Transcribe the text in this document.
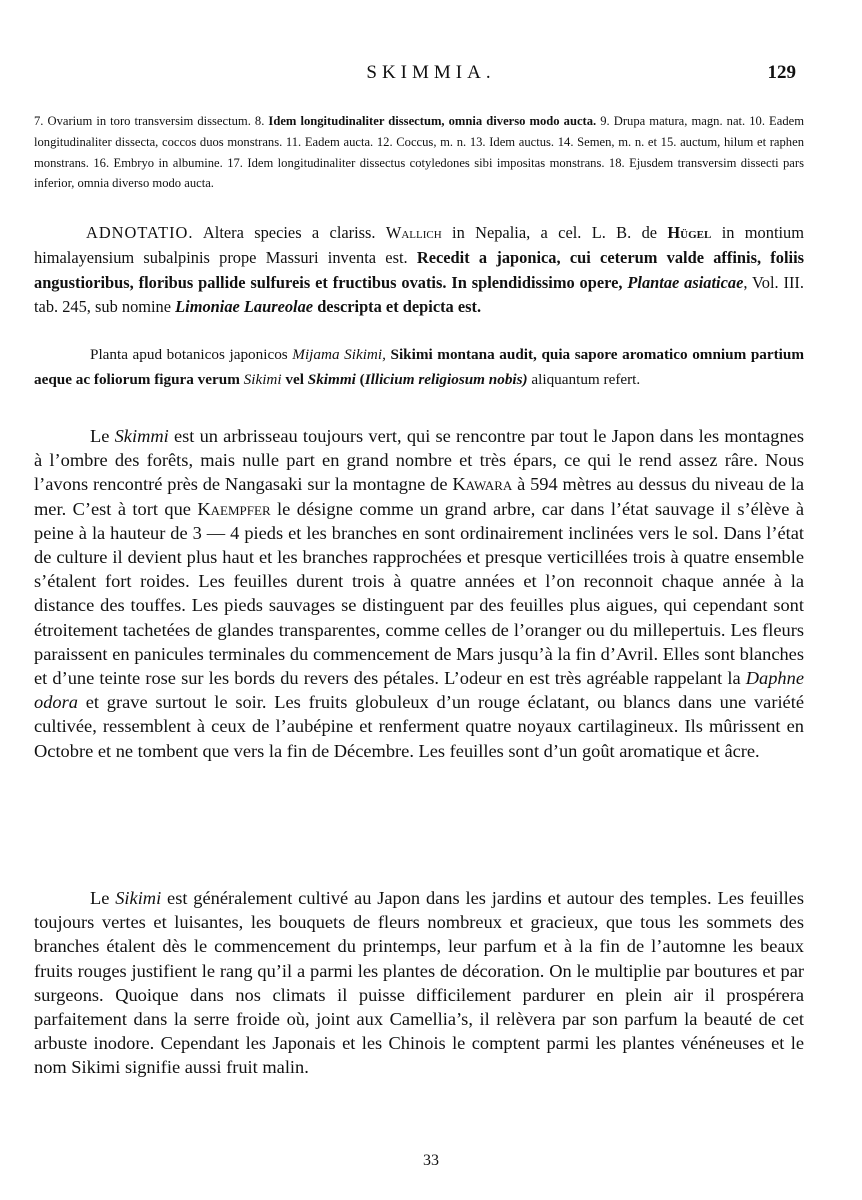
SKIMMIA.	129

7. Ovarium in toro transversim dissectum. 8. Idem longitudinaliter dissectum, omnia diverso modo aucta. 9. Drupa matura, magn. nat. 10. Eadem longitudinaliter dissecta, coccos duos monstrans. 11. Eadem aucta. 12. Coccus, m. n. 13. Idem auctus. 14. Semen, m. n. et 15. auctum, hilum et raphen monstrans. 16. Embryo in albumine. 17. Idem longitudinaliter dissectus cotyledones sibi impositas monstrans. 18. Ejusdem transversim dissecti pars inferior, omnia diverso modo aucta.

ADNOTATIO. Altera species a clariss. Wallich in Nepalia, a cel. L. B. de Hügel in montium himalayensium subalpinis prope Massuri inventa est. Recedit a japonica, cui ceterum valde affinis, foliis angustioribus, floribus pallide sulfureis et fructibus ovatis. In splendidissimo opere, Plantae asiaticae, Vol. III. tab. 245, sub nomine Limoniae Laureolae descripta et depicta est.

Planta apud botanicos japonicos Mijama Sikimi, Sikimi montana audit, quia sapore aromatico omnium partium aeque ac foliorum figura verum Sikimi vel Skimmi (Illicium religiosum nobis) aliquantum refert.

Le Skimmi est un arbrisseau toujours vert, qui se rencontre par tout le Japon dans les montagnes à l’ombre des forêts, mais nulle part en grand nombre et très épars, ce qui le rend assez râre. Nous l’avons rencontré près de Nangasaki sur la montagne de Kawara à 594 mètres au dessus du niveau de la mer. C’est à tort que Kaempfer le désigne comme un grand arbre, car dans l’état sauvage il s’élève à peine à la hauteur de 3 — 4 pieds et les branches en sont ordinairement inclinées vers le sol. Dans l’état de culture il devient plus haut et les branches rapprochées et presque verticillées trois à quatre ensemble s’étalent fort roides. Les feuilles durent trois à quatre années et l’on reconnoit chaque année à la distance des touffes. Les pieds sauvages se distinguent par des feuilles plus aigues, qui cependant sont étroitement tachetées de glandes transparentes, comme celles de l’oranger ou du millepertuis. Les fleurs paraissent en panicules terminales du commencement de Mars jusqu’à la fin d’Avril. Elles sont blanches et d’une teinte rose sur les bords du revers des pétales. L’odeur en est très agréable rappelant la Daphne odora et grave surtout le soir. Les fruits globuleux d’un rouge éclatant, ou blancs dans une variété cultivée, ressemblent à ceux de l’aubépine et renferment quatre noyaux cartilagineux. Ils mûrissent en Octobre et ne tombent que vers la fin de Décembre. Les feuilles sont d’un goût aromatique et âcre.

Le Sikimi est généralement cultivé au Japon dans les jardins et autour des temples. Les feuilles toujours vertes et luisantes, les bouquets de fleurs nombreux et gracieux, que tous les sommets des branches étalent dès le commencement du printemps, leur parfum et à la fin de l’automne les beaux fruits rouges justifient le rang qu’il a parmi les plantes de décoration. On le multiplie par boutures et par surgeons. Quoique dans nos climats il puisse difficilement pardurer en plein air il prospérera parfaitement dans la serre froide où, joint aux Camellia’s, il relèvera par son parfum la beauté de cet arbuste inodore. Cependant les Japonais et les Chinois le comptent parmi les plantes vénéneuses et le nom Sikimi signifie aussi fruit malin.

33
